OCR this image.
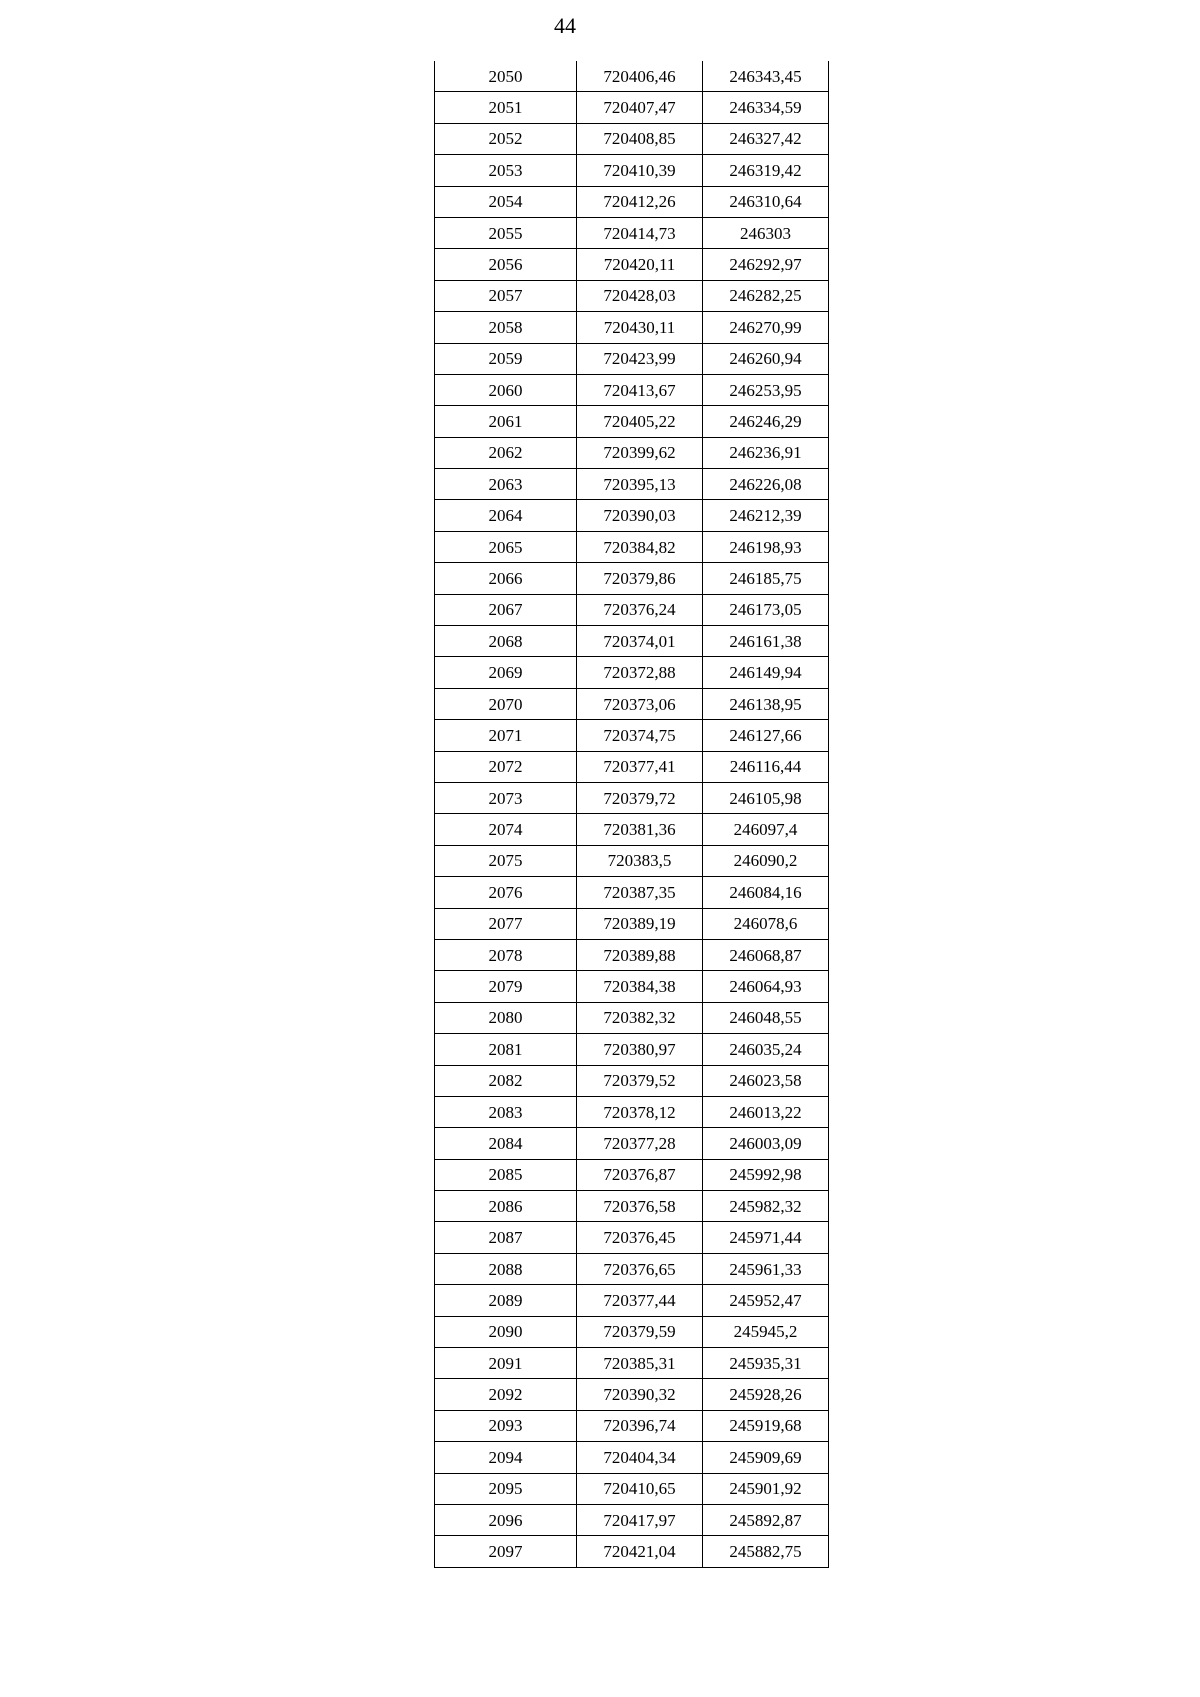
44
2050	720406,46	246343,45
2051	720407,47	246334,59
2052	720408,85	246327,42
2053	720410,39	246319,42
2054	720412,26	246310,64
2055	720414,73	246303
2056	720420,11	246292,97
2057	720428,03	246282,25
2058	720430,11	246270,99
2059	720423,99	246260,94
2060	720413,67	246253,95
2061	720405,22	246246,29
2062	720399,62	246236,91
2063	720395,13	246226,08
2064	720390,03	246212,39
2065	720384,82	246198,93
2066	720379,86	246185,75
2067	720376,24	246173,05
2068	720374,01	246161,38
2069	720372,88	246149,94
2070	720373,06	246138,95
2071	720374,75	246127,66
2072	720377,41	246116,44
2073	720379,72	246105,98
2074	720381,36	246097,4
2075	720383,5	246090,2
2076	720387,35	246084,16
2077	720389,19	246078,6
2078	720389,88	246068,87
2079	720384,38	246064,93
2080	720382,32	246048,55
2081	720380,97	246035,24
2082	720379,52	246023,58
2083	720378,12	246013,22
2084	720377,28	246003,09
2085	720376,87	245992,98
2086	720376,58	245982,32
2087	720376,45	245971,44
2088	720376,65	245961,33
2089	720377,44	245952,47
2090	720379,59	245945,2
2091	720385,31	245935,31
2092	720390,32	245928,26
2093	720396,74	245919,68
2094	720404,34	245909,69
2095	720410,65	245901,92
2096	720417,97	245892,87
2097	720421,04	245882,75
